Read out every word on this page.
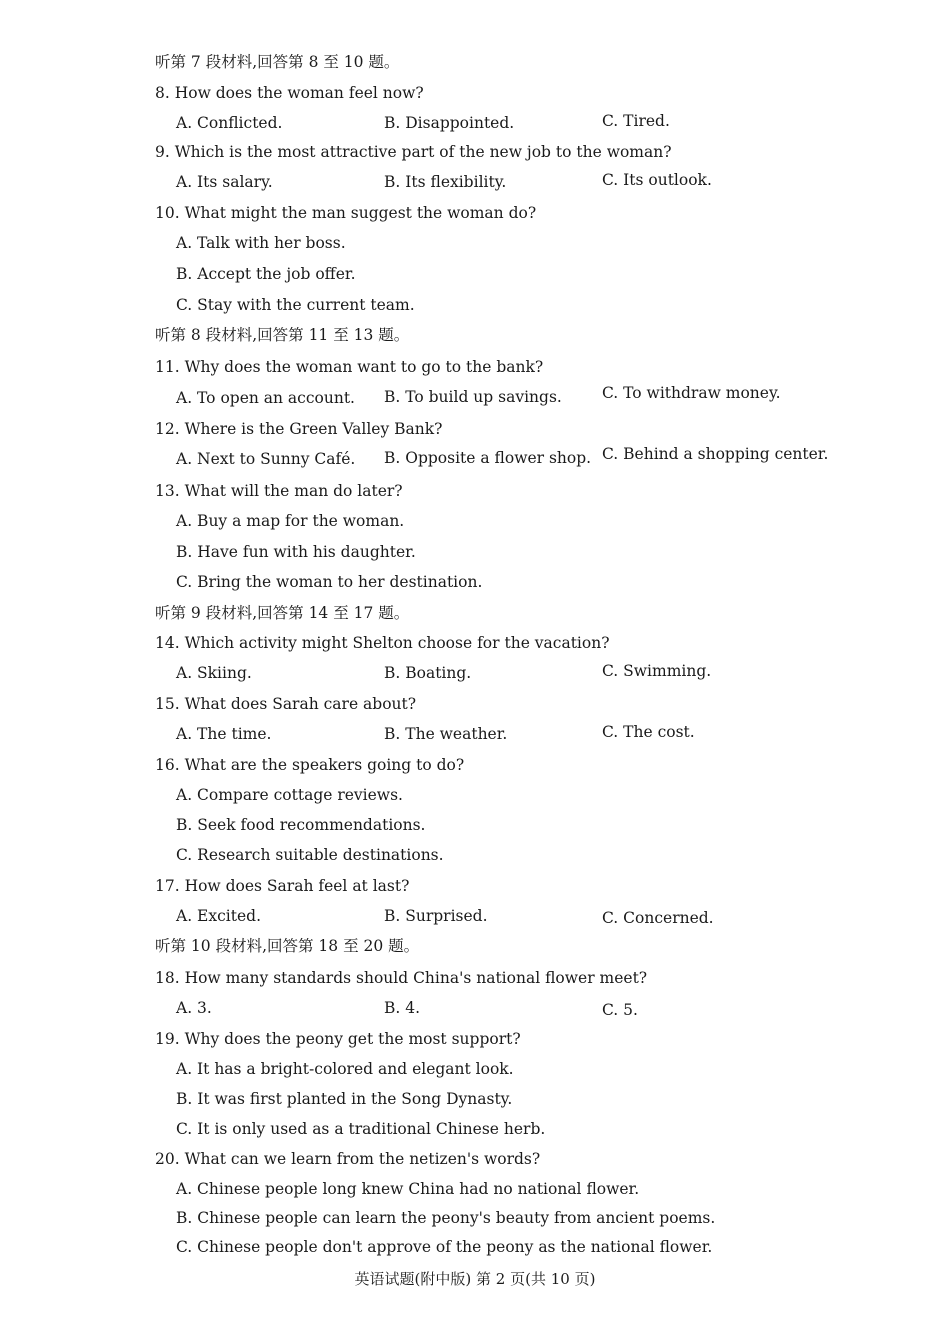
听第 7 段材料,回答第 8 至 10 题。
8. How does the woman feel now?
A. Conflicted.	B. Disappointed.	C. Tired.
9. Which is the most attractive part of the new job to the woman?
A. Its salary.	B. Its flexibility.	C. Its outlook.
10. What might the man suggest the woman do?
A. Talk with her boss.
B. Accept the job offer.
C. Stay with the current team.
听第 8 段材料,回答第 11 至 13 题。
11. Why does the woman want to go to the bank?
A. To open an account. B. To build up savings.	C. To withdraw money.
12. Where is the Green Valley Bank?
A. Next to Sunny Café. B. Opposite a flower shop. C. Behind a shopping center.
13. What will the man do later?
A. Buy a map for the woman.
B. Have fun with his daughter.
C. Bring the woman to her destination.
听第 9 段材料,回答第 14 至 17 题。
14. Which activity might Shelton choose for the vacation?
A. Skiing.	B. Boating.	C. Swimming.
15. What does Sarah care about?
A. The time.	B. The weather.	C. The cost.
16. What are the speakers going to do?
A. Compare cottage reviews.
B. Seek food recommendations.
C. Research suitable destinations.
17. How does Sarah feel at last?
A. Excited.	B. Surprised.	C. Concerned.
听第 10 段材料,回答第 18 至 20 题。
18. How many standards should China's national flower meet?
A. 3.	B. 4.	C. 5.
19. Why does the peony get the most support?
A. It has a bright-colored and elegant look.
B. It was first planted in the Song Dynasty.
C. It is only used as a traditional Chinese herb.
20. What can we learn from the netizen's words?
A. Chinese people long knew China had no national flower.
B. Chinese people can learn the peony's beauty from ancient poems.
C. Chinese people don't approve of the peony as the national flower.
英语试题(附中版) 第 2 页(共 10 页)
